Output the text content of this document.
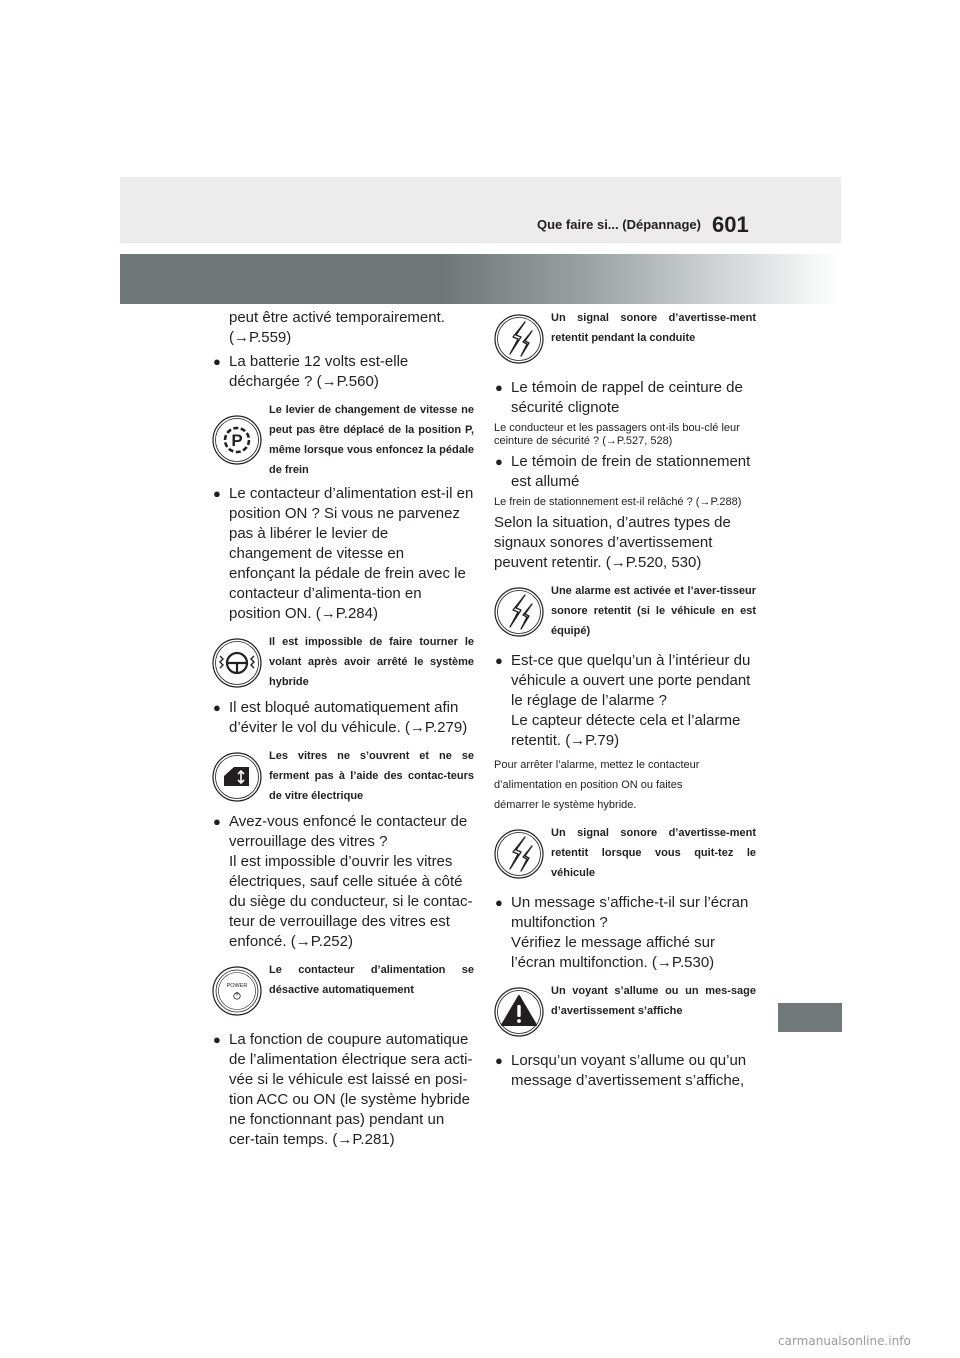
Que faire si... (Dépannage) 601

peut être activé temporairement.

(→P.559)

● La batterie 12 volts est-elle déchargée ? (→P.560)

P
Le levier de changement de vitesse ne peut pas être déplacé de la position P, même lorsque vous enfoncez la pédale de frein

● Le contacteur d’alimentation est-il en position ON ? Si vous ne parvenez pas à libérer le levier de changement de vitesse en enfonçant la pédale de frein avec le contacteur d’alimenta-tion en position ON. (→P.284)

Il est impossible de faire tourner le volant après avoir arrêté le système hybride

● Il est bloqué automatiquement afin d’éviter le vol du véhicule. (→P.279)

Les vitres ne s’ouvrent et ne se ferment pas à l’aide des contac-teurs de vitre électrique

● Avez-vous enfoncé le contacteur de
verrouillage des vitres ?
Il est impossible d’ouvrir les vitres électriques, sauf celle située à côté du siège du conducteur, si le contac-teur de verrouillage des vitres est enfoncé. (→P.252)

POWER
Le contacteur d’alimentation se désactive automatiquement

● La fonction de coupure automatique de l’alimentation électrique sera acti-vée si le véhicule est laissé en posi-tion ACC ou ON (le système hybride ne fonctionnant pas) pendant un cer-tain temps. (→P.281)

Un signal sonore d’avertisse-ment retentit pendant la conduite

● Le témoin de rappel de ceinture de sécurité clignote

Le conducteur et les passagers ont-ils bou-clé leur ceinture de sécurité ? (→P.527, 528)

● Le témoin de frein de stationnement est allumé

Le frein de stationnement est-il relâché ? (→P.288)

Selon la situation, d’autres types de signaux sonores d’avertissement peuvent retentir. (→P.520, 530)

Une alarme est activée et l’aver-tisseur sonore retentit (si le véhicule en est équipé)

● Est-ce que quelqu’un à l’intérieur du véhicule a ouvert une porte pendant le réglage de l’alarme ?
Le capteur détecte cela et l’alarme retentit. (→P.79)

Pour arrêter l’alarme, mettez le contacteur

d’alimentation en position ON ou faites

démarrer le système hybride.

Un signal sonore d’avertisse-ment retentit lorsque vous quit-tez le véhicule

● Un message s’affiche-t-il sur l’écran multifonction ?
Vérifiez le message affiché sur l’écran multifonction. (→P.530)

Un voyant s’allume ou un mes-sage d’avertissement s’affiche

● Lorsqu’un voyant s’allume ou qu’un message d’avertissement s’affiche,

carmanualsonline.info
